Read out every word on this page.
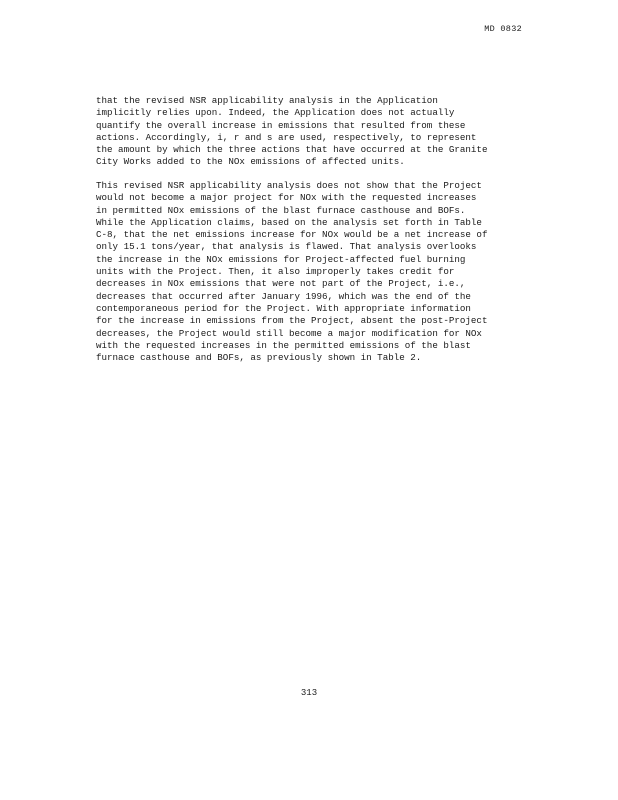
MD 0832

that the revised NSR applicability analysis in the Application
implicitly relies upon. Indeed, the Application does not actually
quantify the overall increase in emissions that resulted from these
actions. Accordingly, i, r and s are used, respectively, to represent
the amount by which the three actions that have occurred at the Granite
City Works added to the NOx emissions of affected units.

This revised NSR applicability analysis does not show that the Project
would not become a major project for NOx with the requested increases
in permitted NOx emissions of the blast furnace casthouse and BOFs.
While the Application claims, based on the analysis set forth in Table
C-8, that the net emissions increase for NOx would be a net increase of
only 15.1 tons/year, that analysis is flawed. That analysis overlooks
the increase in the NOx emissions for Project-affected fuel burning
units with the Project. Then, it also improperly takes credit for
decreases in NOx emissions that were not part of the Project, i.e.,
decreases that occurred after January 1996, which was the end of the
contemporaneous period for the Project. With appropriate information
for the increase in emissions from the Project, absent the post-Project
decreases, the Project would still become a major modification for NOx
with the requested increases in the permitted emissions of the blast
furnace casthouse and BOFs, as previously shown in Table 2.

313
